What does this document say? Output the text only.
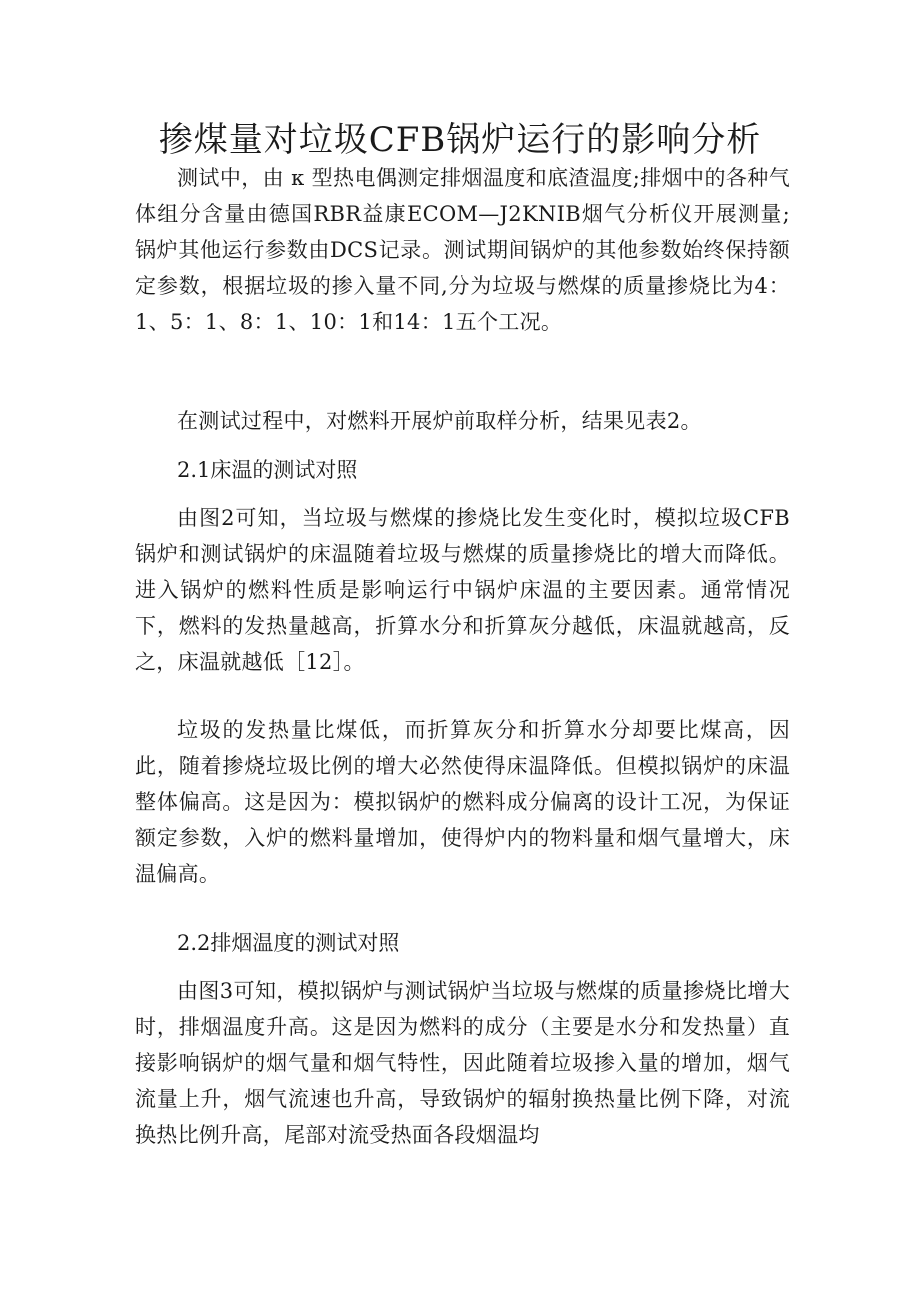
掺煤量对垃圾CFB锅炉运行的影响分析

测试中，由 κ 型热电偶测定排烟温度和底渣温度;排烟中的各种气体组分含量由德国RBR益康ECOM—J2KNIB烟气分析仪开展测量;锅炉其他运行参数由DCS记录。测试期间锅炉的其他参数始终保持额定参数，根据垃圾的掺入量不同,分为垃圾与燃煤的质量掺烧比为4：1、5：1、8：1、10：1和14：1五个工况。

在测试过程中，对燃料开展炉前取样分析，结果见表2。

2.1床温的测试对照

由图2可知，当垃圾与燃煤的掺烧比发生变化时，模拟垃圾CFB锅炉和测试锅炉的床温随着垃圾与燃煤的质量掺烧比的增大而降低。进入锅炉的燃料性质是影响运行中锅炉床温的主要因素。通常情况下，燃料的发热量越高，折算水分和折算灰分越低，床温就越高，反之，床温就越低［12］。

垃圾的发热量比煤低，而折算灰分和折算水分却要比煤高，因此，随着掺烧垃圾比例的增大必然使得床温降低。但模拟锅炉的床温整体偏高。这是因为：模拟锅炉的燃料成分偏离的设计工况，为保证额定参数，入炉的燃料量增加，使得炉内的物料量和烟气量增大，床温偏高。

2.2排烟温度的测试对照

由图3可知，模拟锅炉与测试锅炉当垃圾与燃煤的质量掺烧比增大时，排烟温度升高。这是因为燃料的成分（主要是水分和发热量）直接影响锅炉的烟气量和烟气特性，因此随着垃圾掺入量的增加，烟气流量上升，烟气流速也升高，导致锅炉的辐射换热量比例下降，对流换热比例升高，尾部对流受热面各段烟温均
